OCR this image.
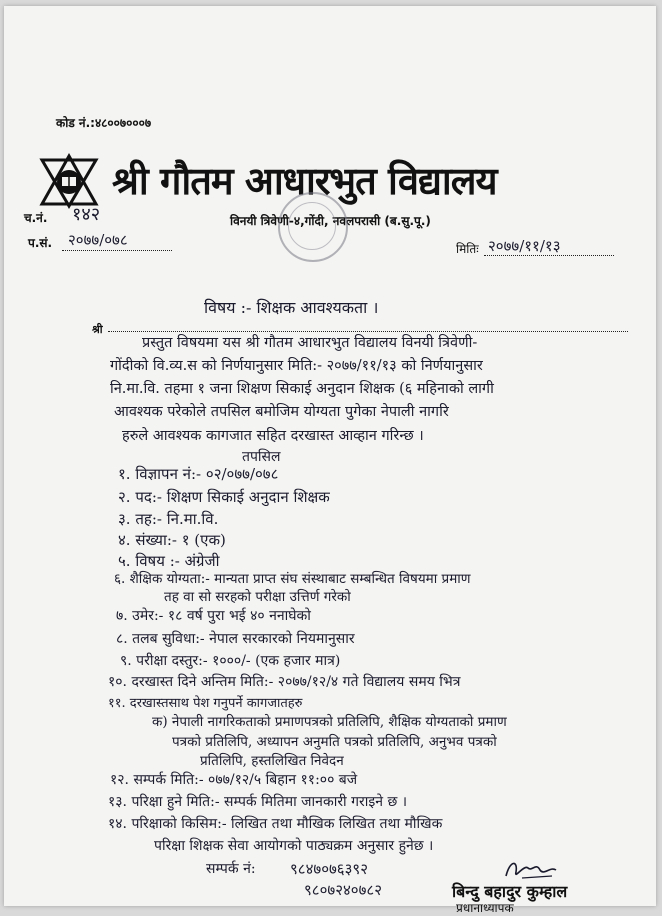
कोड नं.:४८००७०००७
श्री गौतम आधारभुत विद्यालय
विनयी त्रिवेणी-४,गोंदी, नवलपरासी (ब.सु.पू.)
च.नं. १४२
प.सं. २०७७/०७८	मितिः २०७७/११/१३
विषय :- शिक्षक आवश्यकता ।
श्री
प्रस्तुत विषयमा यस श्री गौतम आधारभुत विद्यालय विनयी त्रिवेणी-
गोंदीको वि.व्य.स को निर्णयानुसार मिति:- २०७७/११/१३ को निर्णयानुसार
नि.मा.वि. तहमा १ जना शिक्षण सिकाई अनुदान शिक्षक (६ महिनाको लागी
आवश्यक परेकोले तपसिल बमोजिम योग्यता पुगेका नेपाली नागरि
हरुले आवश्यक कागजात सहित दरखास्त आव्हान गरिन्छ ।
तपसिल
१. विज्ञापन नं:- ०२/०७७/०७८
२. पद:- शिक्षण सिकाई अनुदान शिक्षक
३. तह:- नि.मा.वि.
४. संख्या:- १ (एक)
५. विषय :- अंग्रेजी
६. शैक्षिक योग्यता:- मान्यता प्राप्त संघ संस्थाबाट सम्बन्धित विषयमा प्रमाण
तह वा सो सरहको परीक्षा उत्तिर्ण गरेको
७. उमेर:- १८ वर्ष पुरा भई ४० ननाघेको
८. तलब सुविधा:- नेपाल सरकारको नियमानुसार
९. परीक्षा दस्तुर:- १०००/- (एक हजार मात्र)
१०. दरखास्त दिने अन्तिम मिति:- २०७७/१२/४ गते विद्यालय समय भित्र
११. दरखास्तसाथ पेश गनुपर्ने कागजातहरु
क) नेपाली नागरिकताको प्रमाणपत्रको प्रतिलिपि, शैक्षिक योग्यताको प्रमाण
पत्रको प्रतिलिपि, अध्यापन अनुमति पत्रको प्रतिलिपि, अनुभव पत्रको
प्रतिलिपि, हस्तलिखित निवेदन
१२. सम्पर्क मिति:- ०७७/१२/५ बिहान ११:०० बजे
१३. परिक्षा हुने मिति:- सम्पर्क मितिमा जानकारी गराइने छ ।
१४. परिक्षाको किसिम:- लिखित तथा मौखिक लिखित तथा मौखिक
परिक्षा शिक्षक सेवा आयोगको पाठ्यक्रम अनुसार हुनेछ ।
सम्पर्क नं: ९८४७०७६३९२
९८०७२४०७८२	बिन्दु बहादुर कुम्हाल
प्रधानाध्यापक
